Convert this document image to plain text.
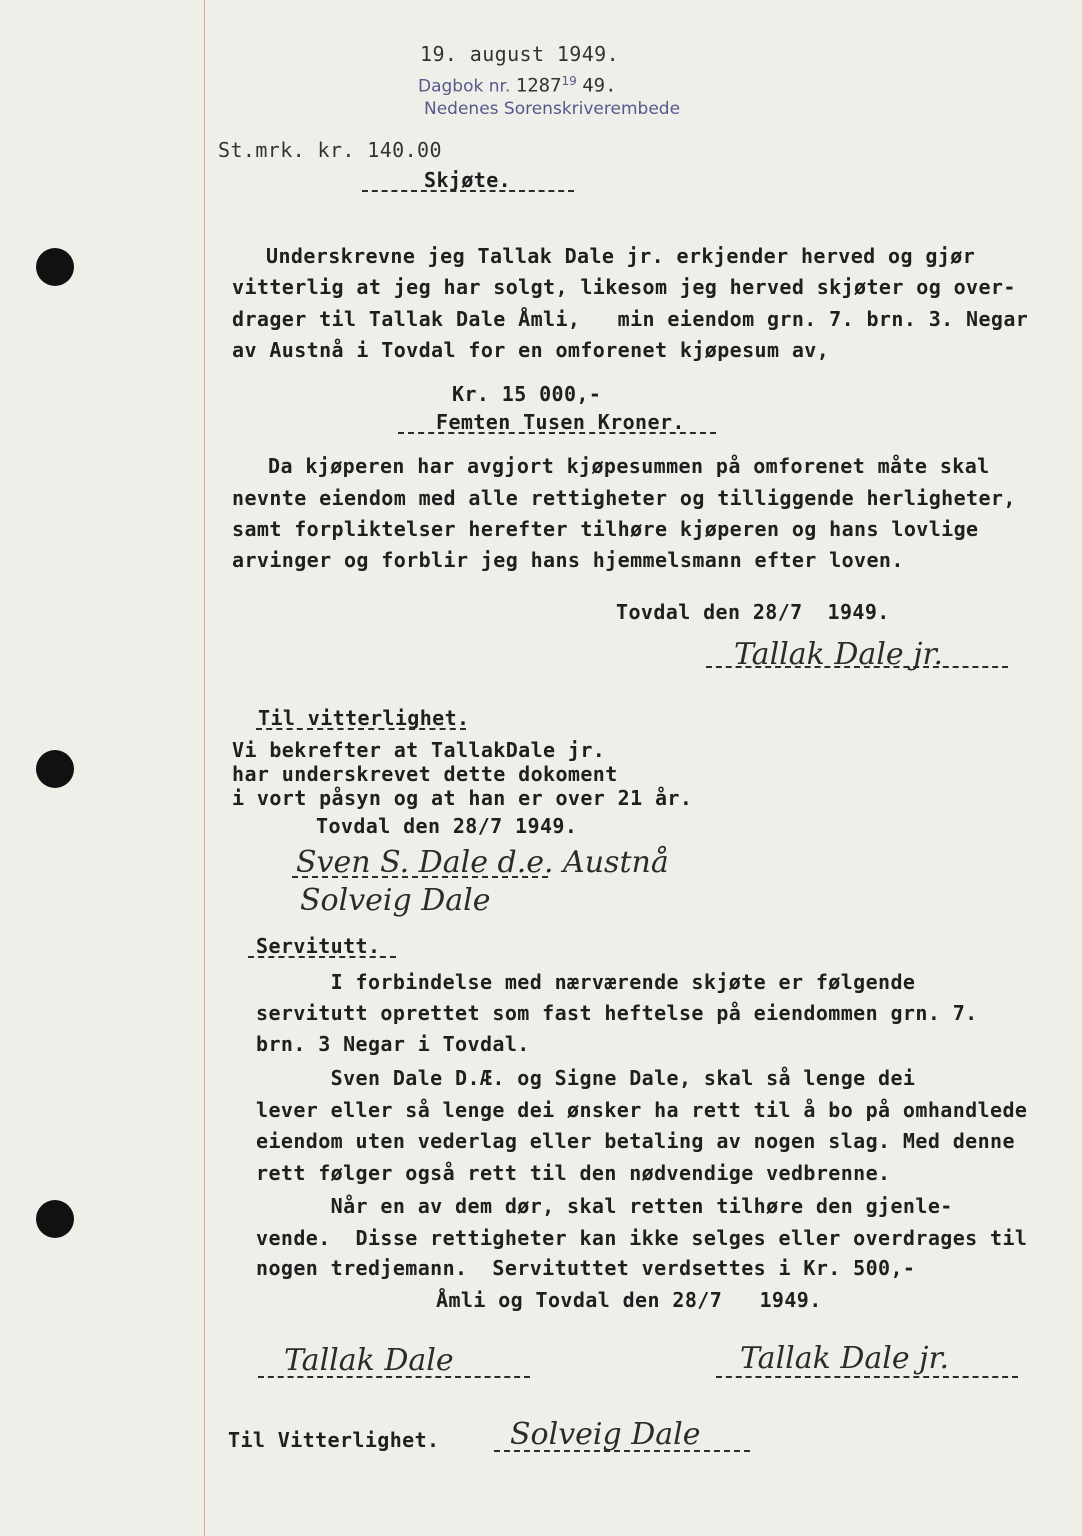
19. august 1949.
Dagbok nr. 1287$^{19}$ 49.
Nedenes Sorenskriverembede
St.mrk. kr. 140.00
Skjøte.
Underskrevne jeg Tallak Dale jr. erkjender herved og gjør
vitterlig at jeg har solgt, likesom jeg herved skjøter og over-
drager til Tallak Dale Åmli,   min eiendom grn. 7. brn. 3. Negar
av Austnå i Tovdal for en omforenet kjøpesum av,
Kr. 15 000,-
Femten Tusen Kroner.
Da kjøperen har avgjort kjøpesummen på omforenet måte skal
nevnte eiendom med alle rettigheter og tilliggende herligheter,
samt forpliktelser herefter tilhøre kjøperen og hans lovlige
arvinger og forblir jeg hans hjemmelsmann efter loven.
Tovdal den 28/7  1949.
Tallak Dale jr.
Til vitterlighet.
Vi bekrefter at TallakDale jr.
har underskrevet dette dokoment
i vort påsyn og at han er over 21 år.
Tovdal den 28/7 1949.
Sven S. Dale d.e. Austnå
Solveig Dale
Servitutt.
I forbindelse med nærværende skjøte er følgende
servitutt oprettet som fast heftelse på eiendommen grn. 7.
brn. 3 Negar i Tovdal.
Sven Dale D.Æ. og Signe Dale, skal så lenge dei
lever eller så lenge dei ønsker ha rett til å bo på omhandlede
eiendom uten vederlag eller betaling av nogen slag. Med denne
rett følger også rett til den nødvendige vedbrenne.
Når en av dem dør, skal retten tilhøre den gjenle-
vende.  Disse rettigheter kan ikke selges eller overdrages til
nogen tredjemann.  Servituttet verdsettes i Kr. 500,-
Åmli og Tovdal den 28/7   1949.
Tallak Dale	Tallak Dale jr.
Til Vitterlighet. Solveig Dale
